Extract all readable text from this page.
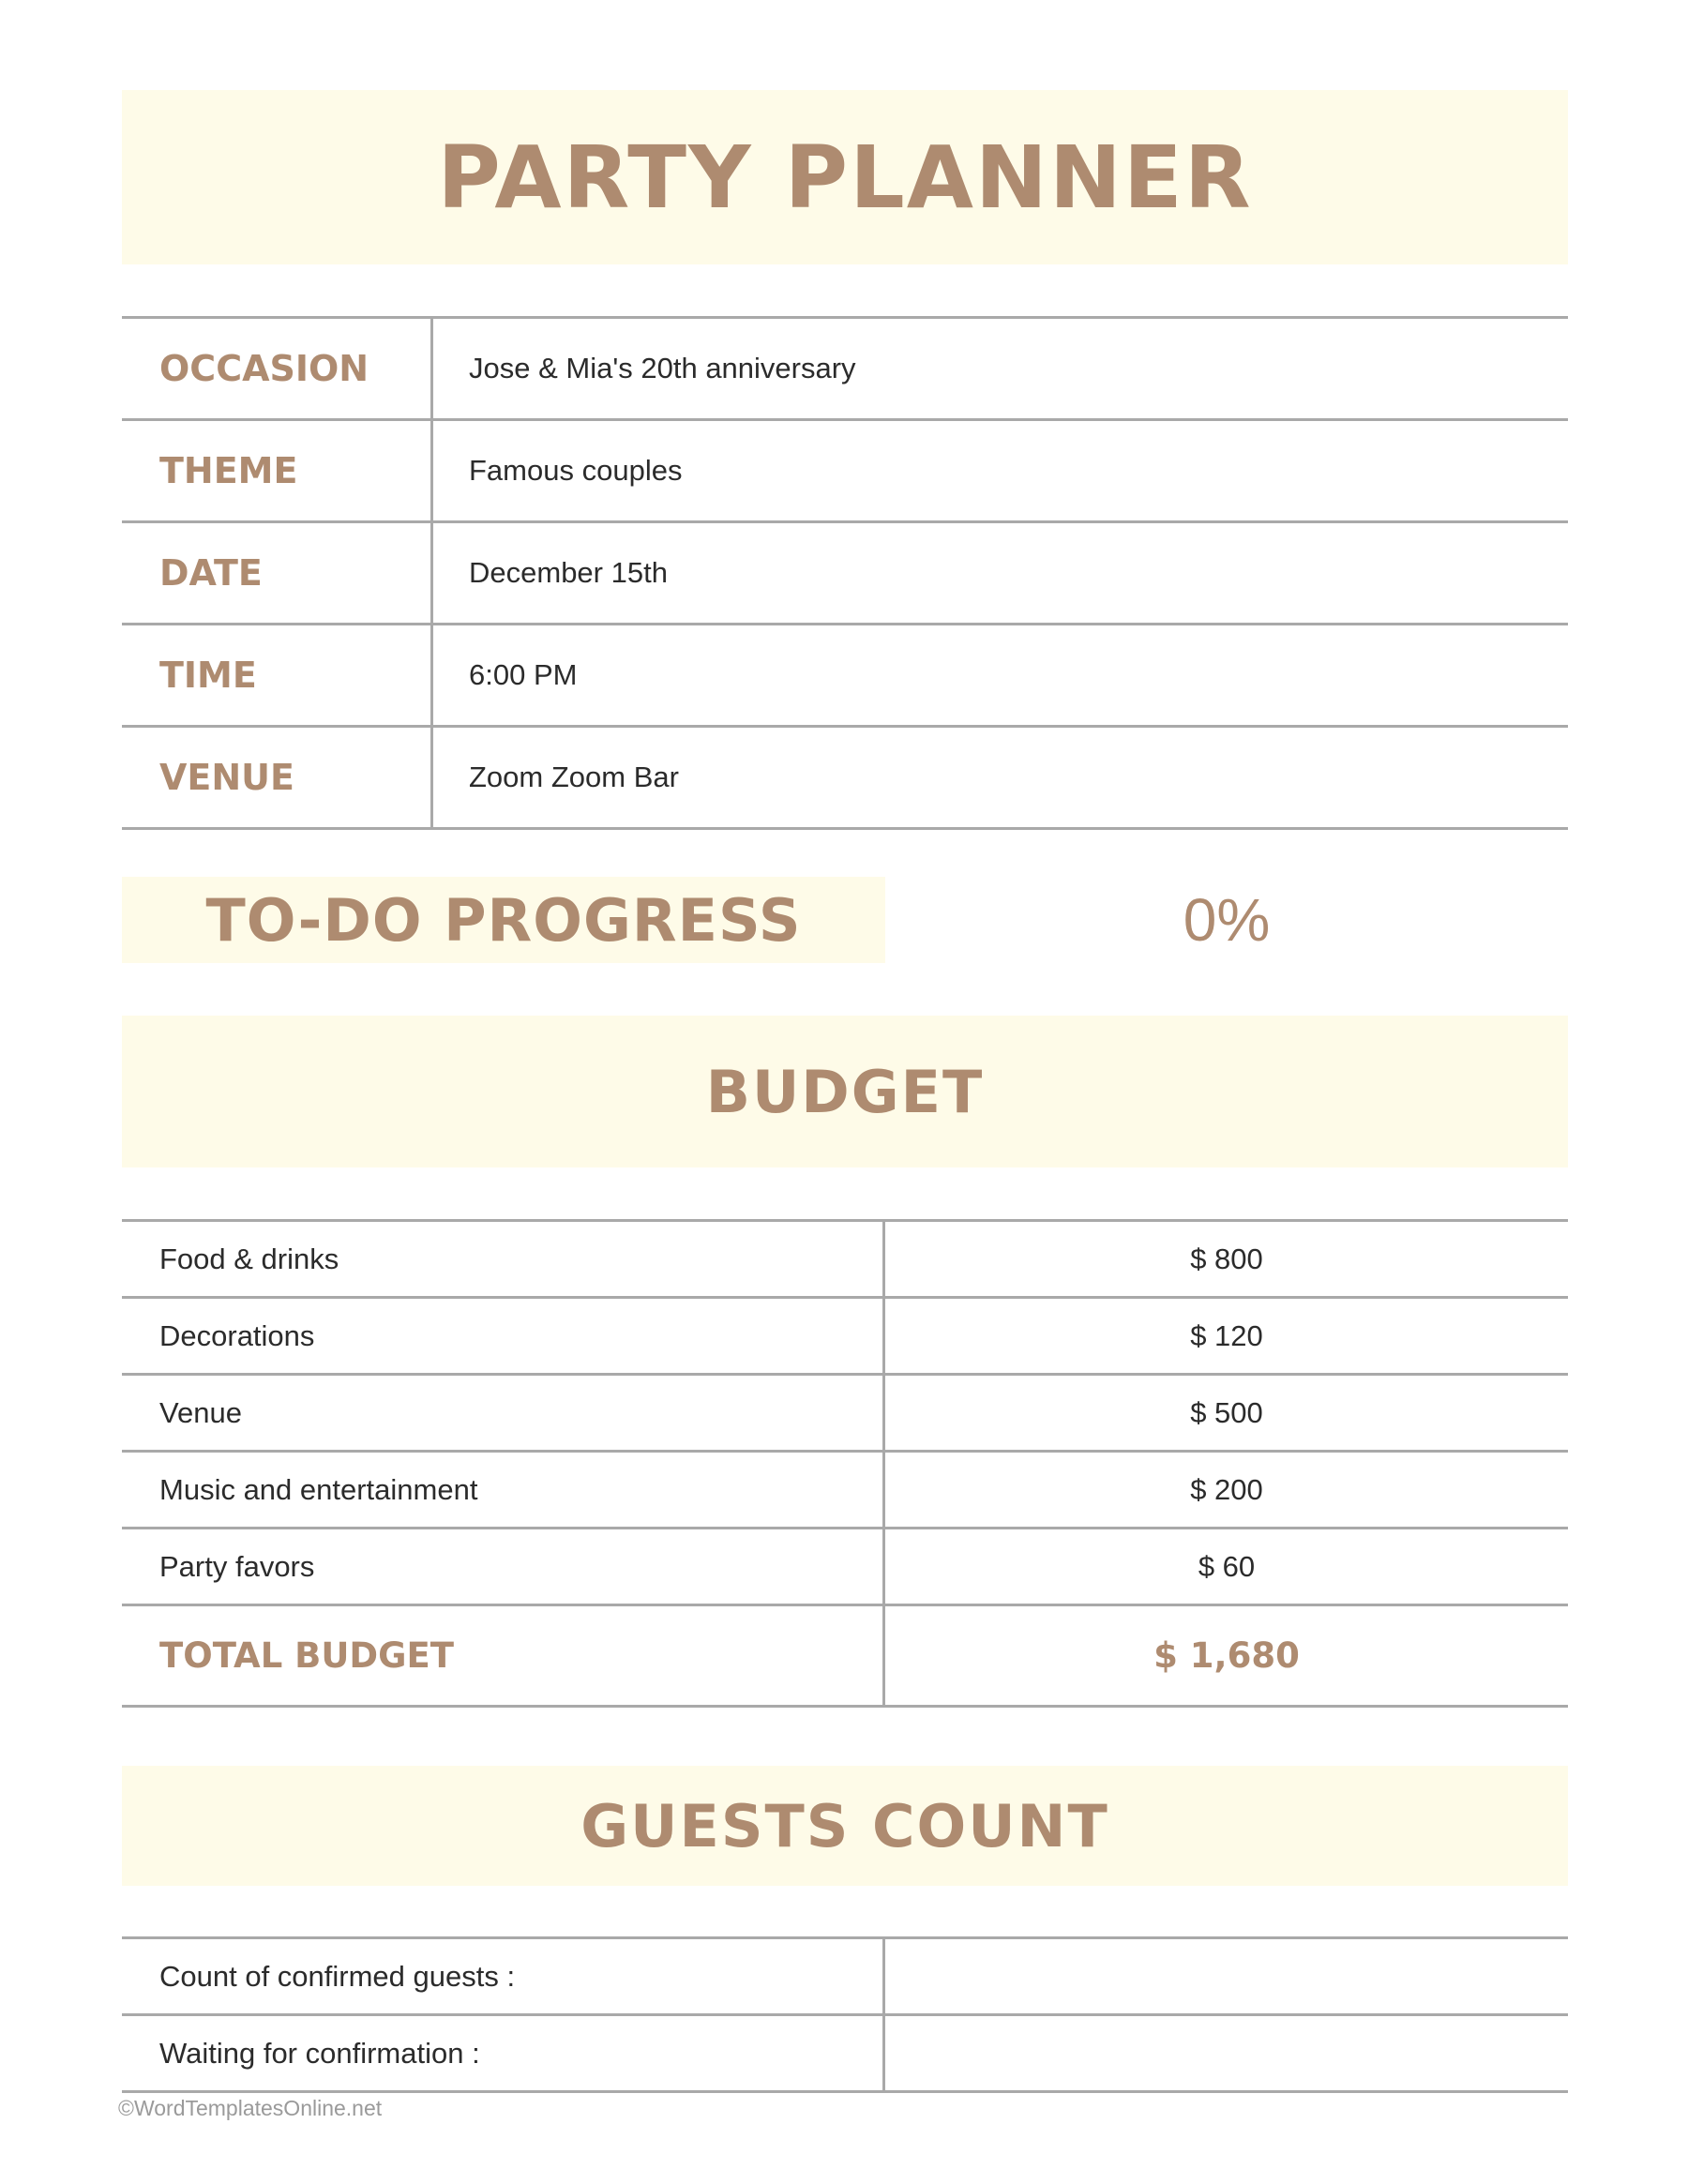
PARTY PLANNER
OCCASION	Jose & Mia's 20th anniversary
THEME	Famous couples
DATE	December 15th
TIME	6:00 PM
VENUE	Zoom Zoom Bar
TO-DO PROGRESS	0%
BUDGET
Food & drinks	$ 800
Decorations	$ 120
Venue	$ 500
Music and entertainment	$ 200
Party favors	$ 60
TOTAL BUDGET	$ 1,680
GUESTS COUNT
Count of confirmed guests :
Waiting for confirmation :
©WordTemplatesOnline.net
